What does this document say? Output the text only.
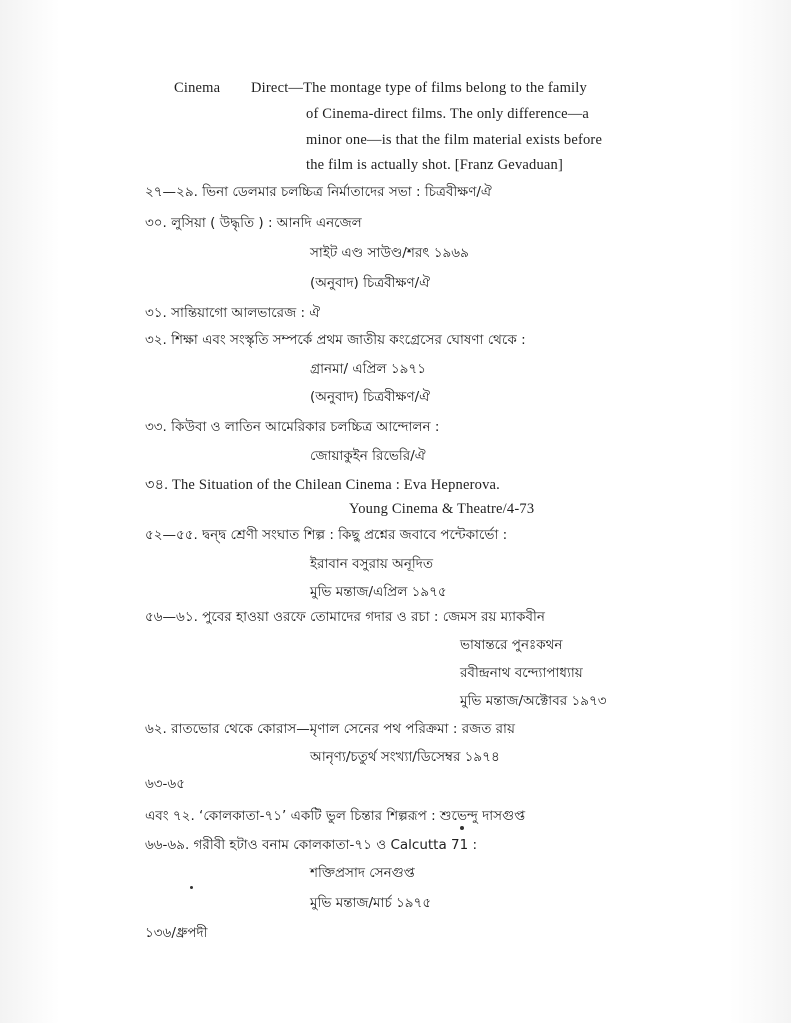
Cinema Direct—The montage type of films belong to the family
of Cinema-direct films. The only difference—a
minor one—is that the film material exists before
the film is actually shot. [Franz Gevaduan]
২৭—২৯. ভিনা ডেলমার চলচ্চিত্র নির্মাতাদের সভা : চিত্রবীক্ষণ/ঐ
৩০. লুসিয়া ( উদ্ধৃতি ) : আনদি এনজেল
সাইট এণ্ড সাউণ্ড/শরৎ ১৯৬৯
(অনুবাদ) চিত্রবীক্ষণ/ঐ
৩১. সান্তিয়াগো আলভারেজ : ঐ
৩২. শিক্ষা এবং সংস্কৃতি সম্পর্কে প্রথম জাতীয় কংগ্রেসের ঘোষণা থেকে :
গ্রানমা/ এপ্রিল ১৯৭১
(অনুবাদ) চিত্রবীক্ষণ/ঐ
৩৩. কিউবা ও লাতিন আমেরিকার চলচ্চিত্র আন্দোলন :
জোয়াকুইন রিভেরি/ঐ
৩৪. The Situation of the Chilean Cinema : Eva Hepnerova.
Young Cinema & Theatre/4-73
৫২—৫৫. দ্বন্দ্ব শ্রেণী সংঘাত শিল্প : কিছু প্রশ্নের জবাবে পন্টেকার্ভো :
ইরাবান বসুরায় অনূদিত
মুভি মন্তাজ/এপ্রিল ১৯৭৫
৫৬—৬১. পুবের হাওয়া ওরফে তোমাদের গদার ও রচা : জেমস রয় ম্যাকবীন
ভাষান্তরে পুনঃকথন
রবীন্দ্রনাথ বন্দ্যোপাধ্যায়
মুভি মন্তাজ/অক্টোবর ১৯৭৩
৬২. রাতভোর থেকে কোরাস—মৃণাল সেনের পথ পরিক্রমা : রজত রায়
আনৃণ্য/চতুর্থ সংখ্যা/ডিসেম্বর ১৯৭৪
৬৩-৬৫
এবং ৭২. ‘কোলকাতা-৭১’ একটি ভুল চিন্তার শিল্পরূপ : শুভেন্দু দাসগুপ্ত
৬৬-৬৯. গরীবী হটাও বনাম কোলকাতা-৭১ ও Calcutta 71 :
শক্তিপ্রসাদ সেনগুপ্ত
মুভি মন্তাজ/মার্চ ১৯৭৫
১৩৬/ধ্রুপদী
